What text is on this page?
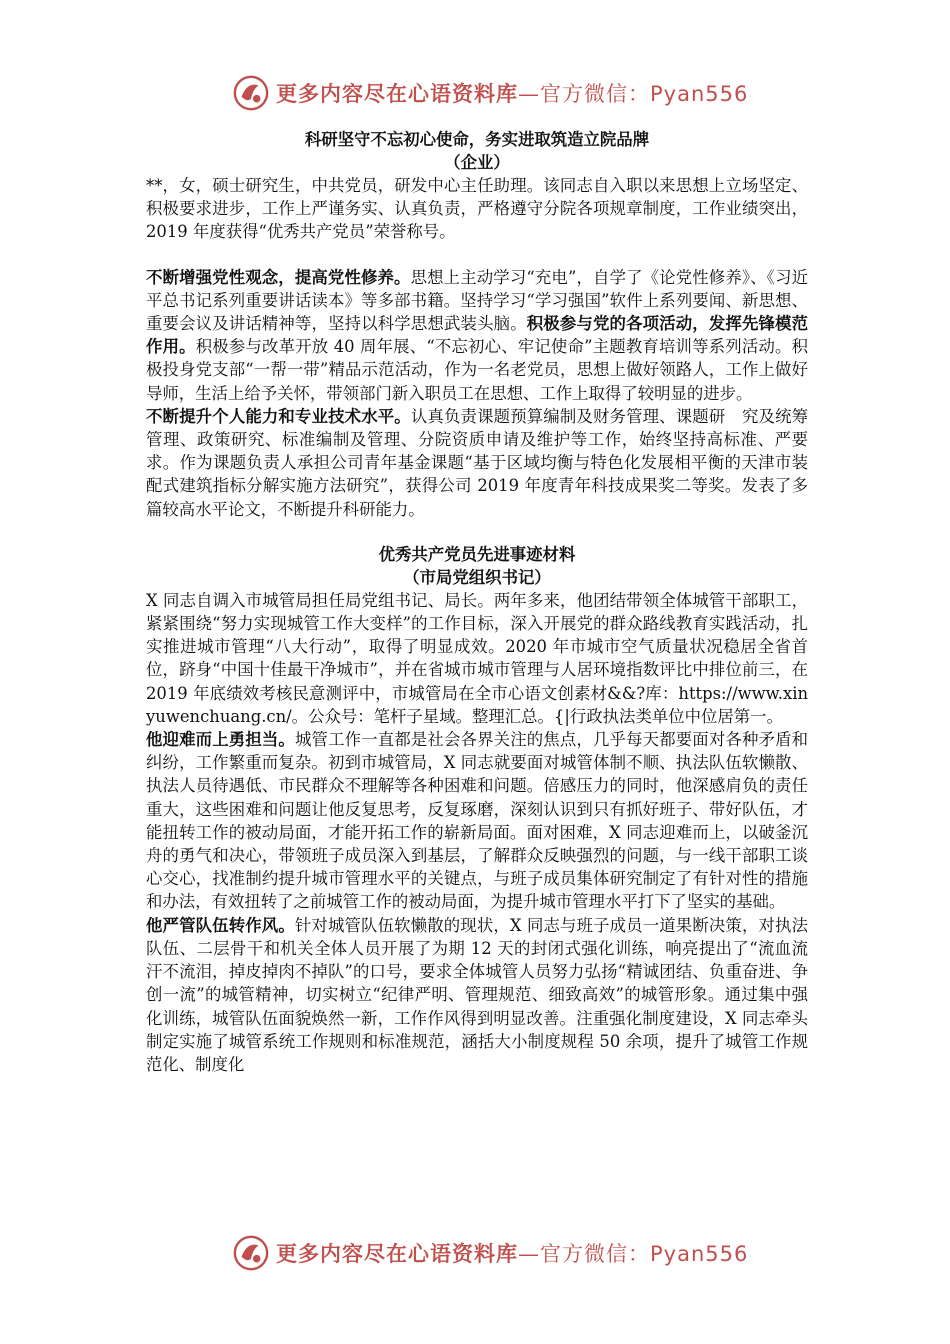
更多内容尽在心语资料库—官方微信：Pyan556
科研坚守不忘初心使命，务实进取筑造立院品牌
（企业）

**，女，硕士研究生，中共党员，研发中心主任助理。该同志自入职以来思想上立场坚定、积极要求进步，工作上严谨务实、认真负责，严格遵守分院各项规章制度，工作业绩突出，2019 年度获得“优秀共产党员”荣誉称号。

不断增强党性观念，提高党性修养。思想上主动学习“充电”，自学了《论党性修养》、《习近平总书记系列重要讲话读本》等多部书籍。坚持学习“学习强国”软件上系列要闻、新思想、重要会议及讲话精神等，坚持以科学思想武装头脑。积极参与党的各项活动，发挥先锋模范作用。积极参与改革开放 40 周年展、“不忘初心、牢记使命”主题教育培训等系列活动。积极投身党支部“一帮一带”精品示范活动，作为一名老党员，思想上做好领路人，工作上做好导师，生活上给予关怀，带领部门新入职员工在思想、工作上取得了较明显的进步。

不断提升个人能力和专业技术水平。认真负责课题预算编制及财务管理、课题研　究及统筹管理、政策研究、标准编制及管理、分院资质申请及维护等工作，始终坚持高标准、严要求。作为课题负责人承担公司青年基金课题“基于区域均衡与特色化发展相平衡的天津市装配式建筑指标分解实施方法研究”，获得公司 2019 年度青年科技成果奖二等奖。发表了多篇较高水平论文，不断提升科研能力。

优秀共产党员先进事迹材料
（市局党组织书记）

X 同志自调入市城管局担任局党组书记、局长。两年多来，他团结带领全体城管干部职工，紧紧围绕“努力实现城管工作大变样”的工作目标，深入开展党的群众路线教育实践活动，扎实推进城市管理“八大行动”，取得了明显成效。2020 年市城市空气质量状况稳居全省首位，跻身“中国十佳最干净城市”，并在省城市城市管理与人居环境指数评比中排位前三，在 2019 年底绩效考核民意测评中，市城管局在全市心语文创素材&&?库：https://www.xinyuwenchuang.cn/。公众号：笔杆子星域。整理汇总。{|行政执法类单位中位居第一。

他迎难而上勇担当。城管工作一直都是社会各界关注的焦点，几乎每天都要面对各种矛盾和纠纷，工作繁重而复杂。初到市城管局，X 同志就要面对城管体制不顺、执法队伍软懒散、执法人员待遇低、市民群众不理解等各种困难和问题。倍感压力的同时，他深感肩负的责任重大，这些困难和问题让他反复思考，反复琢磨，深刻认识到只有抓好班子、带好队伍，才能扭转工作的被动局面，才能开拓工作的崭新局面。面对困难，X 同志迎难而上，以破釜沉舟的勇气和决心，带领班子成员深入到基层，了解群众反映强烈的问题，与一线干部职工谈心交心，找准制约提升城市管理水平的关键点，与班子成员集体研究制定了有针对性的措施和办法，有效扭转了之前城管工作的被动局面，为提升城市管理水平打下了坚实的基础。

他严管队伍转作风。针对城管队伍软懒散的现状，X 同志与班子成员一道果断决策，对执法队伍、二层骨干和机关全体人员开展了为期 12 天的封闭式强化训练，响亮提出了“流血流汗不流泪，掉皮掉肉不掉队”的口号，要求全体城管人员努力弘扬“精诚团结、负重奋进、争创一流”的城管精神，切实树立“纪律严明、管理规范、细致高效”的城管形象。通过集中强化训练，城管队伍面貌焕然一新，工作作风得到明显改善。注重强化制度建设，X 同志牵头制定实施了城管系统工作规则和标准规范，涵括大小制度规程 50 余项，提升了城管工作规范化、制度化

更多内容尽在心语资料库—官方微信：Pyan556
